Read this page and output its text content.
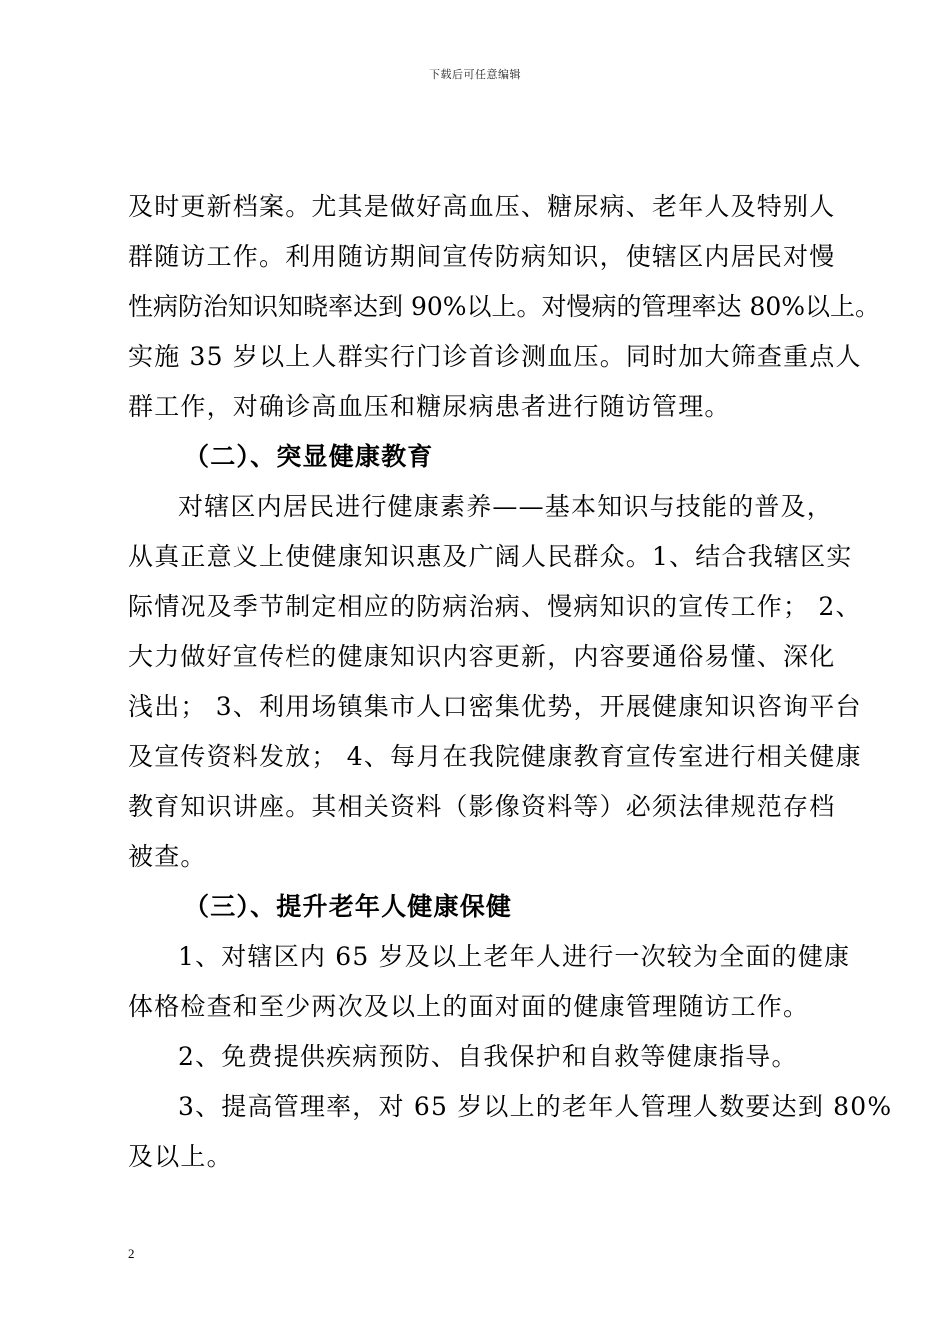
下载后可任意编辑
及时更新档案。尤其是做好高血压、糖尿病、老年人及特别人
群随访工作。利用随访期间宣传防病知识，使辖区内居民对慢
性病防治知识知晓率达到 90%以上。对慢病的管理率达 80%以上。
实施 35 岁以上人群实行门诊首诊测血压。同时加大筛查重点人
群工作，对确诊高血压和糖尿病患者进行随访管理。
（二）、突显健康教育
对辖区内居民进行健康素养——基本知识与技能的普及，
从真正意义上使健康知识惠及广阔人民群众。1、结合我辖区实
际情况及季节制定相应的防病治病、慢病知识的宣传工作； 2、
大力做好宣传栏的健康知识内容更新，内容要通俗易懂、深化
浅出； 3、利用场镇集市人口密集优势，开展健康知识咨询平台
及宣传资料发放； 4、每月在我院健康教育宣传室进行相关健康
教育知识讲座。其相关资料（影像资料等）必须法律规范存档
被查。
（三）、提升老年人健康保健
1、对辖区内 65 岁及以上老年人进行一次较为全面的健康
体格检查和至少两次及以上的面对面的健康管理随访工作。
2、免费提供疾病预防、自我保护和自救等健康指导。
3、提高管理率，对 65 岁以上的老年人管理人数要达到 80%
及以上。
2
